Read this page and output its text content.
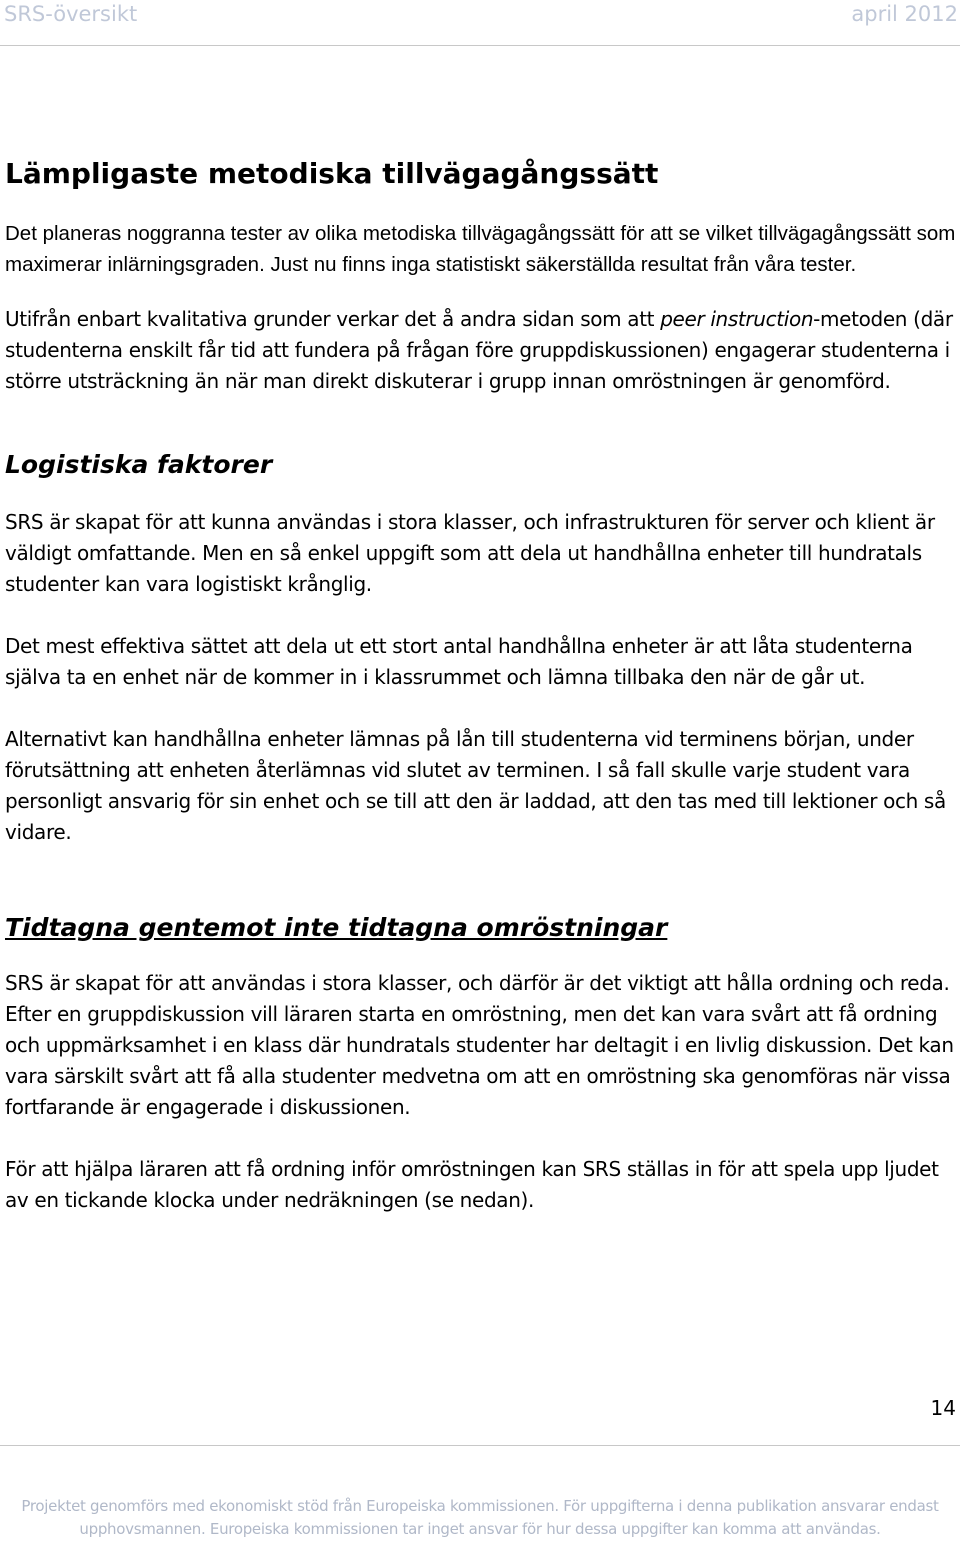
SRS-översikt	april 2012
Lämpligaste metodiska tillvägagångssätt

Det planeras noggranna tester av olika metodiska tillvägagångssätt för att se vilket tillvägagångssätt som maximerar inlärningsgraden. Just nu finns inga statistiskt säkerställda resultat från våra tester.

Utifrån enbart kvalitativa grunder verkar det å andra sidan som att peer instruction-metoden (där studenterna enskilt får tid att fundera på frågan före gruppdiskussionen) engagerar studenterna i större utsträckning än när man direkt diskuterar i grupp innan omröstningen är genomförd.

Logistiska faktorer

SRS är skapat för att kunna användas i stora klasser, och infrastrukturen för server och klient är väldigt omfattande. Men en så enkel uppgift som att dela ut handhållna enheter till hundratals studenter kan vara logistiskt krånglig.

Det mest effektiva sättet att dela ut ett stort antal handhållna enheter är att låta studenterna själva ta en enhet när de kommer in i klassrummet och lämna tillbaka den när de går ut.

Alternativt kan handhållna enheter lämnas på lån till studenterna vid terminens början, under förutsättning att enheten återlämnas vid slutet av terminen. I så fall skulle varje student vara personligt ansvarig för sin enhet och se till att den är laddad, att den tas med till lektioner och så vidare.

Tidtagna gentemot inte tidtagna omröstningar

SRS är skapat för att användas i stora klasser, och därför är det viktigt att hålla ordning och reda. Efter en gruppdiskussion vill läraren starta en omröstning, men det kan vara svårt att få ordning och uppmärksamhet i en klass där hundratals studenter har deltagit i en livlig diskussion. Det kan vara särskilt svårt att få alla studenter medvetna om att en omröstning ska genomföras när vissa fortfarande är engagerade i diskussionen.

För att hjälpa läraren att få ordning inför omröstningen kan SRS ställas in för att spela upp ljudet av en tickande klocka under nedräkningen (se nedan).

14
Projektet genomförs med ekonomiskt stöd från Europeiska kommissionen. För uppgifterna i denna publikation ansvarar endast
upphovsmannen. Europeiska kommissionen tar inget ansvar för hur dessa uppgifter kan komma att användas.
